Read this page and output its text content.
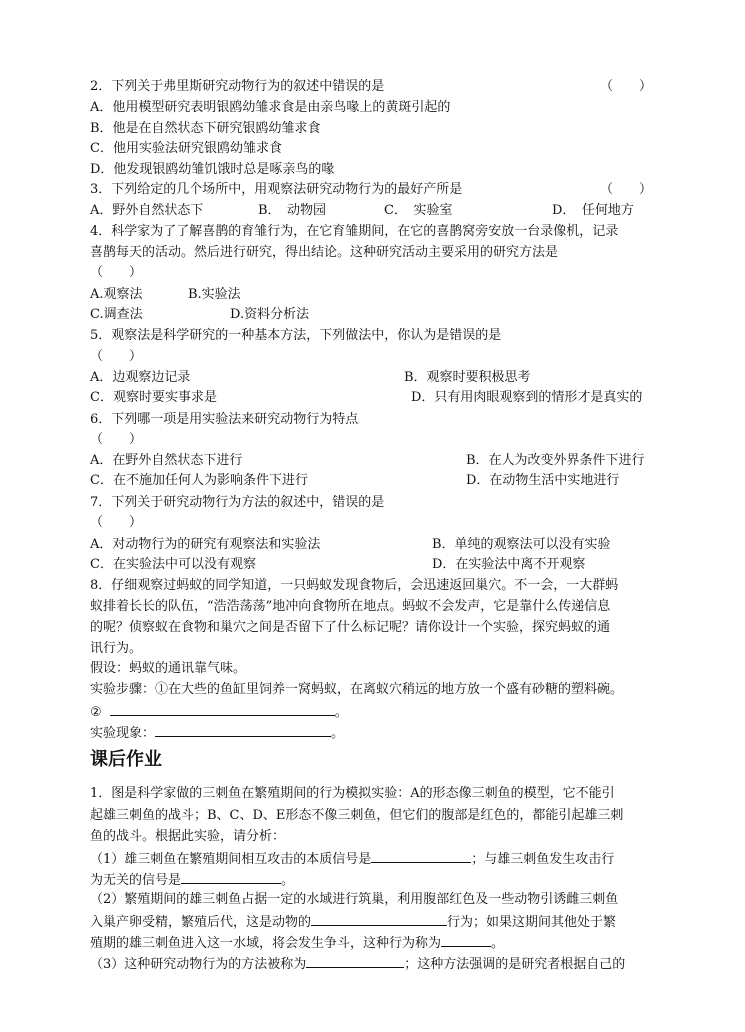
2．下列关于弗里斯研究动物行为的叙述中错误的是	（　　）
A．他用模型研究表明银鸥幼雏求食是由亲鸟喙上的黄斑引起的
B．他是在自然状态下研究银鸥幼雏求食
C．他用实验法研究银鸥幼雏求食
D．他发现银鸥幼雏饥饿时总是啄亲鸟的喙
3．下列给定的几个场所中，用观察法研究动物行为的最好产所是	（　　）
A．野外自然状态下	B．　动物园	C．　实验室	D．　任何地方
4．科学家为了了解喜鹊的育雏行为，在它育雏期间，在它的喜鹊窝旁安放一台录像机，记录
喜鹊每天的活动。然后进行研究，得出结论。这种研究活动主要采用的研究方法是
（　　）
A.观察法	B.实验法
C.调查法	D.资料分析法
5．观察法是科学研究的一种基本方法，下列做法中，你认为是错误的是
（　　）
A．边观察边记录	B．观察时要积极思考
C．观察时要实事求是	D．只有用肉眼观察到的情形才是真实的
6．下列哪一项是用实验法来研究动物行为特点
（　　）
A．在野外自然状态下进行	B．在人为改变外界条件下进行
C．在不施加任何人为影响条件下进行	D．在动物生活中实地进行
7．下列关于研究动物行为方法的叙述中，错误的是
（　　）
A．对动物行为的研究有观察法和实验法	B．单纯的观察法可以没有实验
C．在实验法中可以没有观察	D．在实验法中离不开观察
8．仔细观察过蚂蚁的同学知道，一只蚂蚁发现食物后，会迅速返回巢穴。不一会，一大群蚂
蚁排着长长的队伍，“浩浩荡荡”地冲向食物所在地点。蚂蚁不会发声，它是靠什么传递信息
的呢？侦察蚁在食物和巢穴之间是否留下了什么标记呢？请你设计一个实验，探究蚂蚁的通
讯行为。
假设：蚂蚁的通讯靠气味。
实验步骤：①在大些的鱼缸里饲养一窝蚂蚁，在离蚁穴稍远的地方放一个盛有砂糖的塑料碗。
②	。
实验现象：	。
课后作业
1．图是科学家做的三刺鱼在繁殖期间的行为模拟实验：A的形态像三刺鱼的模型，它不能引
起雄三刺鱼的战斗；B、C、D、E形态不像三刺鱼，但它们的腹部是红色的，都能引起雄三刺
鱼的战斗。根据此实验，请分析：
（1）雄三刺鱼在繁殖期间相互攻击的本质信号是	；与雄三刺鱼发生攻击行
为无关的信号是	。
（2）繁殖期间的雄三刺鱼占据一定的水域进行筑巢，利用腹部红色及一些动物引诱雌三刺鱼
入巢产卵受精，繁殖后代，这是动物的	行为；如果这期间其他处于繁
殖期的雄三刺鱼进入这一水域，将会发生争斗，这种行为称为	。
（3）这种研究动物行为的方法被称为	；这种方法强调的是研究者根据自己的
